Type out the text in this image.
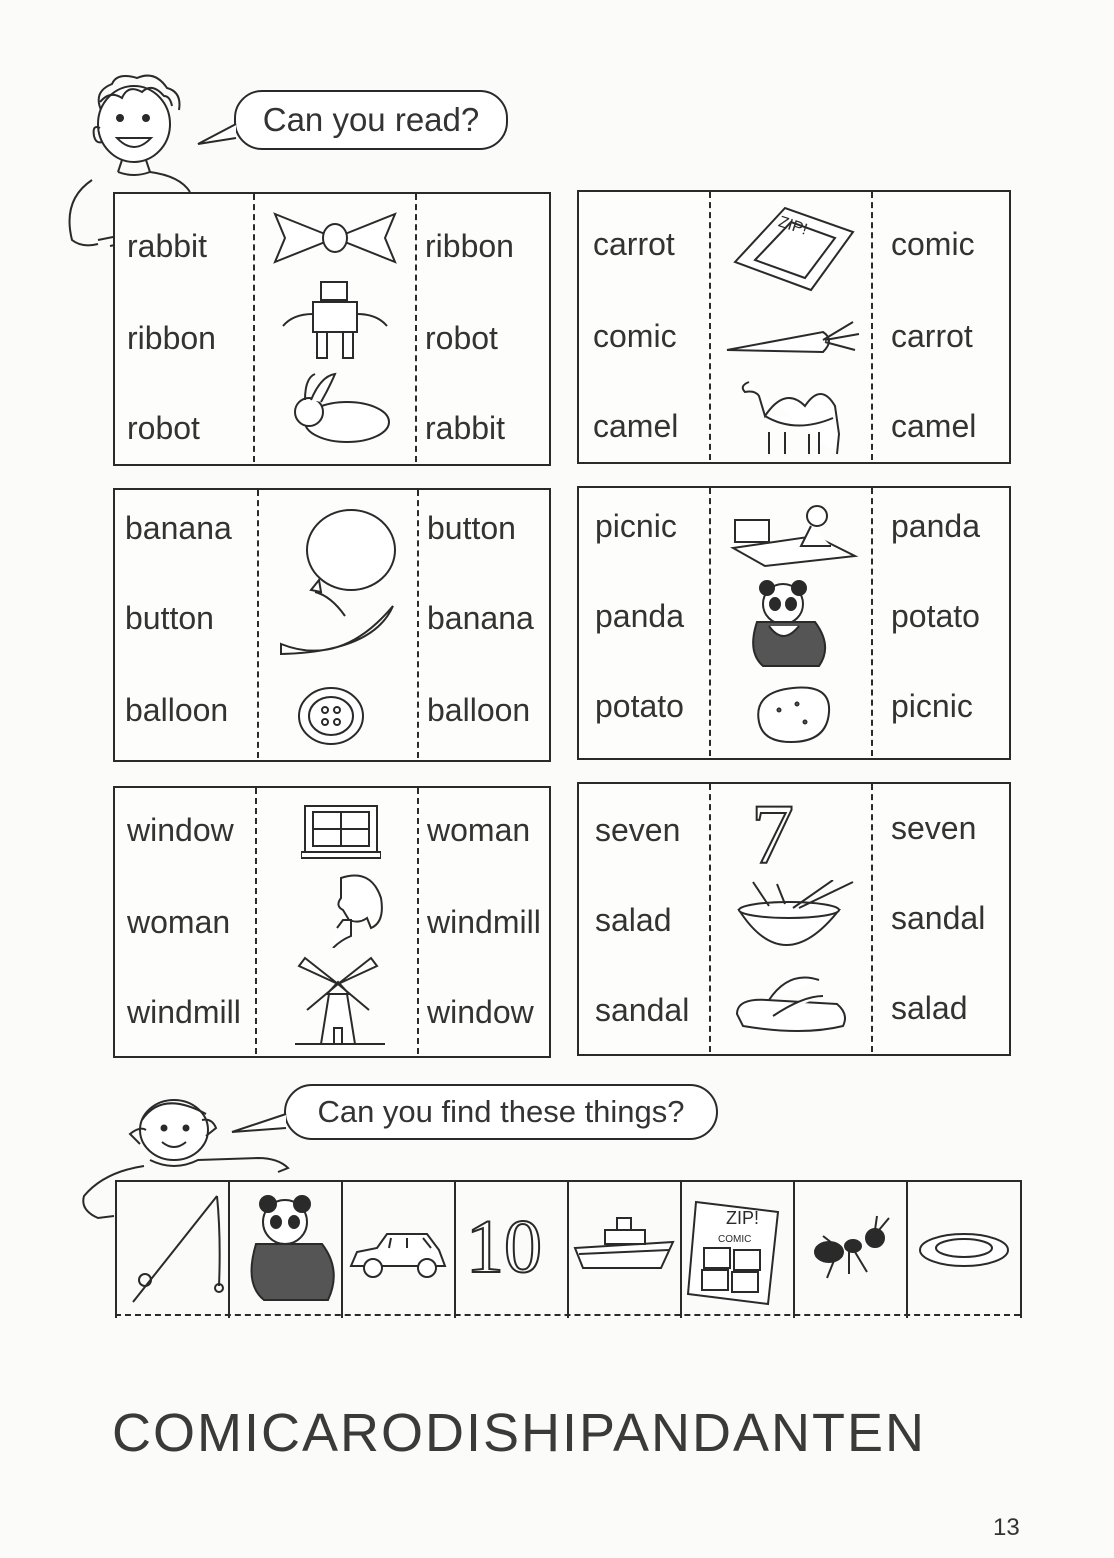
Can you read?
rabbit
ribbon
robot
ribbon
robot
rabbit
carrot
comic
camel
comic
carrot
camel
ZIP!
banana
button
balloon
button
banana
balloon
picnic
panda
potato
panda
potato
picnic
window
woman
windmill
woman
windmill
window
seven
salad
sandal
seven
sandal
salad
7
Can you find these things?
10	ZIP!
COMIC
COMICARODISHIPANDANTEN
13
